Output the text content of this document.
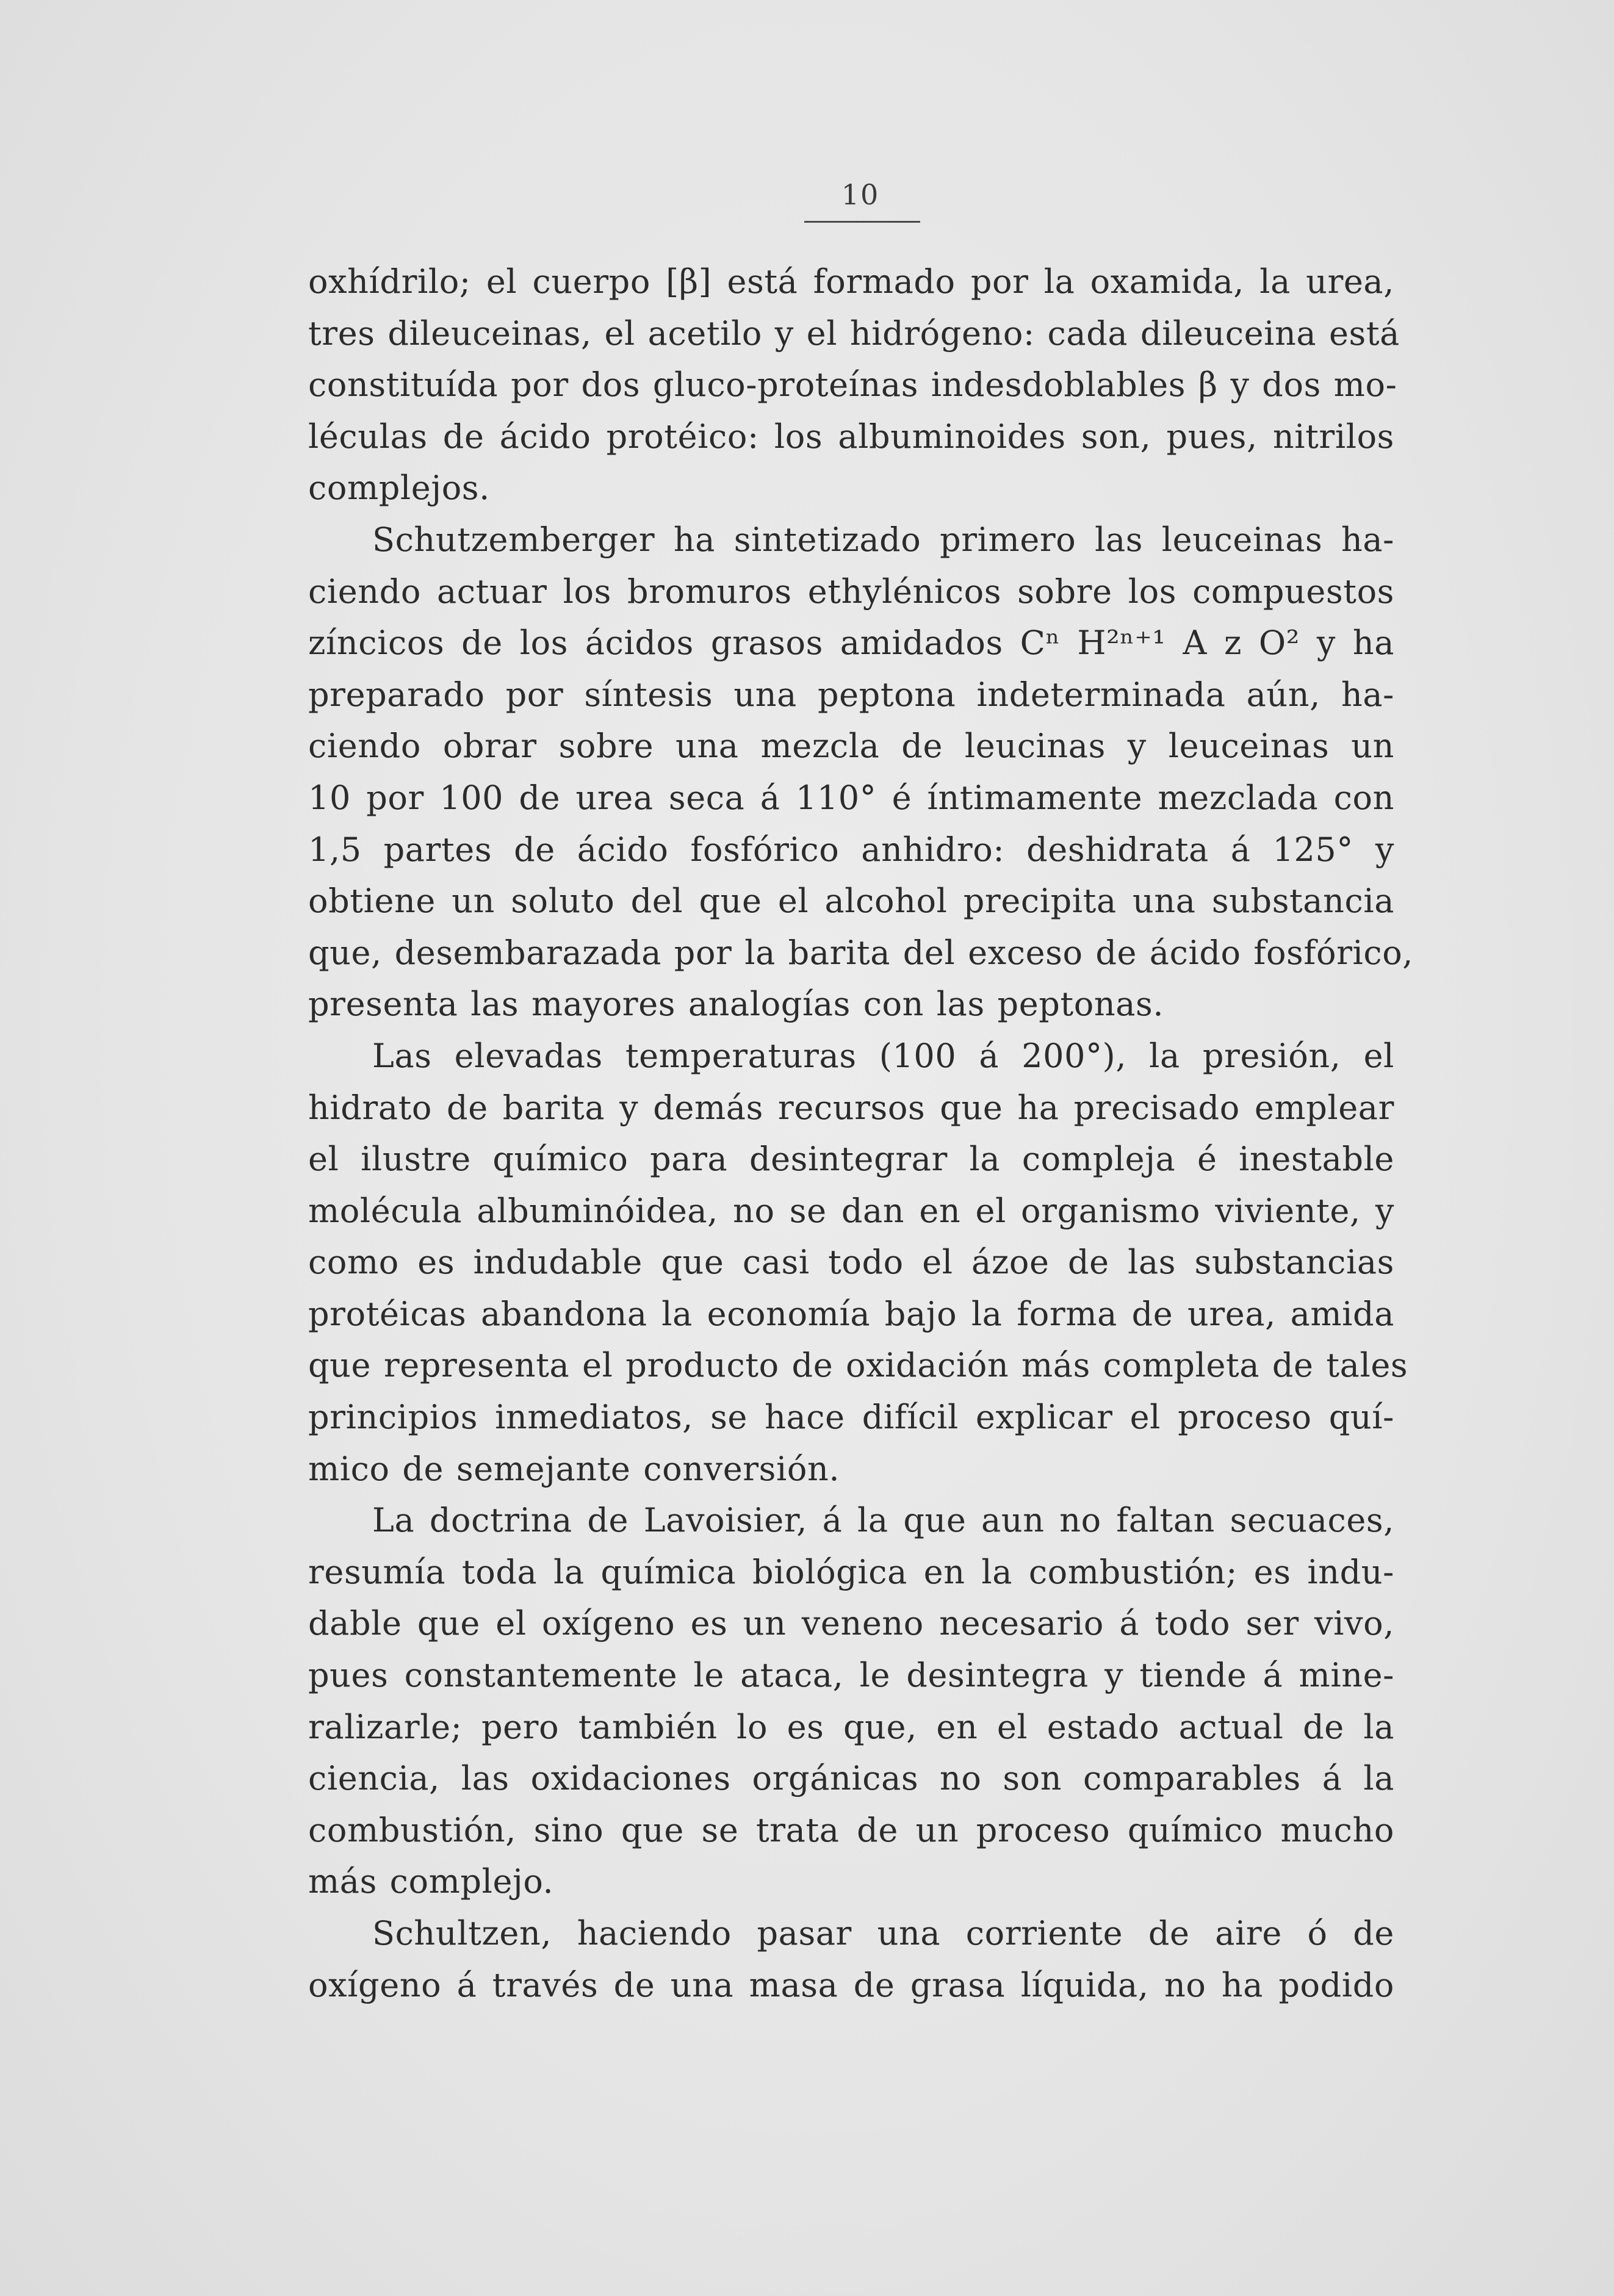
10
oxhídrilo; el cuerpo [β] está formado por la oxamida, la urea,
tres dileuceinas, el acetilo y el hidrógeno: cada dileuceina está
constituída por dos gluco-proteínas indesdoblables β y dos mo-
léculas de ácido protéico: los albuminoides son, pues, nitrilos
complejos.
Schutzemberger ha sintetizado primero las leuceinas ha-
ciendo actuar los bromuros ethylénicos sobre los compuestos
zíncicos de los ácidos grasos amidados Cⁿ H²ⁿ⁺¹ A z O² y ha
preparado por síntesis una peptona indeterminada aún, ha-
ciendo obrar sobre una mezcla de leucinas y leuceinas un
10 por 100 de urea seca á 110° é íntimamente mezclada con
1,5 partes de ácido fosfórico anhidro: deshidrata á 125° y
obtiene un soluto del que el alcohol precipita una substancia
que, desembarazada por la barita del exceso de ácido fosfórico,
presenta las mayores analogías con las peptonas.
Las elevadas temperaturas (100 á 200°), la presión, el
hidrato de barita y demás recursos que ha precisado emplear
el ilustre químico para desintegrar la compleja é inestable
molécula albuminóidea, no se dan en el organismo viviente, y
como es indudable que casi todo el ázoe de las substancias
protéicas abandona la economía bajo la forma de urea, amida
que representa el producto de oxidación más completa de tales
principios inmediatos, se hace difícil explicar el proceso quí-
mico de semejante conversión.
La doctrina de Lavoisier, á la que aun no faltan secuaces,
resumía toda la química biológica en la combustión; es indu-
dable que el oxígeno es un veneno necesario á todo ser vivo,
pues constantemente le ataca, le desintegra y tiende á mine-
ralizarle; pero también lo es que, en el estado actual de la
ciencia, las oxidaciones orgánicas no son comparables á la
combustión, sino que se trata de un proceso químico mucho
más complejo.
Schultzen, haciendo pasar una corriente de aire ó de
oxígeno á través de una masa de grasa líquida, no ha podido
